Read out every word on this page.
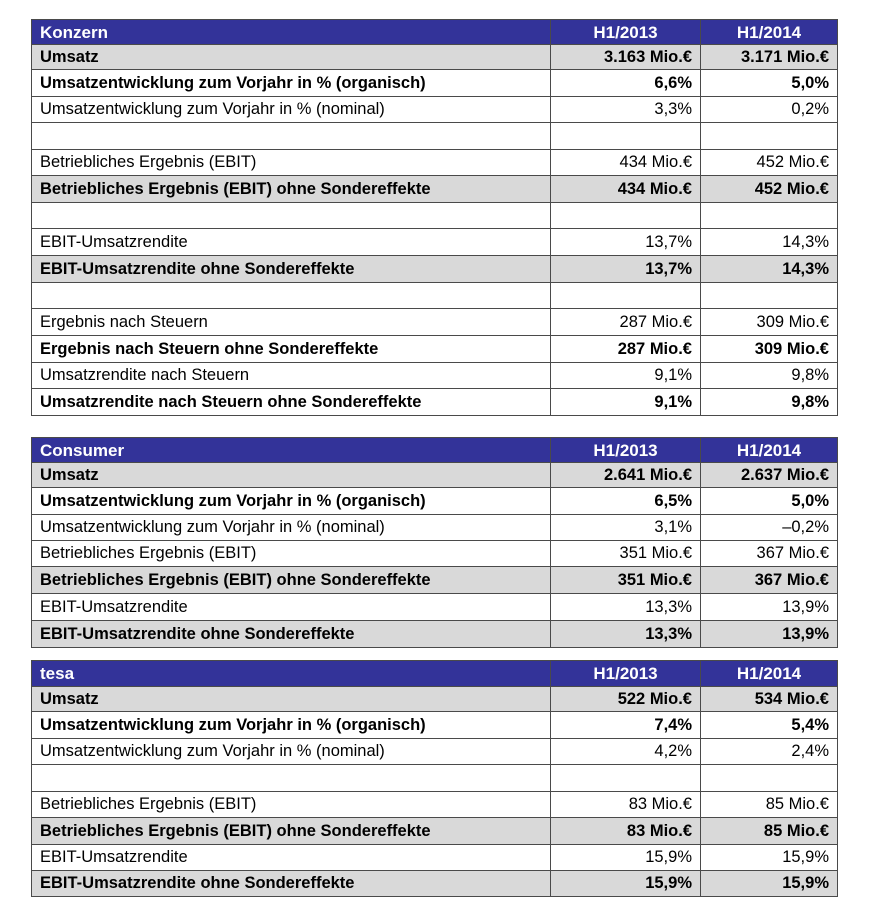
Konzern	H1/2013	H1/2014
Umsatz	3.163 Mio.€	3.171 Mio.€
Umsatzentwicklung zum Vorjahr in % (organisch)	6,6%	5,0%
Umsatzentwicklung zum Vorjahr in % (nominal)	3,3%	0,2%

Betriebliches Ergebnis (EBIT)	434 Mio.€	452 Mio.€
Betriebliches Ergebnis (EBIT) ohne Sondereffekte	434 Mio.€	452 Mio.€

EBIT-Umsatzrendite	13,7%	14,3%
EBIT-Umsatzrendite ohne Sondereffekte	13,7%	14,3%

Ergebnis nach Steuern	287 Mio.€	309 Mio.€
Ergebnis nach Steuern ohne Sondereffekte	287 Mio.€	309 Mio.€
Umsatzrendite nach Steuern	9,1%	9,8%
Umsatzrendite nach Steuern ohne Sondereffekte	9,1%	9,8%
Consumer	H1/2013	H1/2014
Umsatz	2.641 Mio.€	2.637 Mio.€
Umsatzentwicklung zum Vorjahr in % (organisch)	6,5%	5,0%
Umsatzentwicklung zum Vorjahr in % (nominal)	3,1%	–0,2%
Betriebliches Ergebnis (EBIT)	351 Mio.€	367 Mio.€
Betriebliches Ergebnis (EBIT) ohne Sondereffekte	351 Mio.€	367 Mio.€
EBIT-Umsatzrendite	13,3%	13,9%
EBIT-Umsatzrendite ohne Sondereffekte	13,3%	13,9%
tesa	H1/2013	H1/2014
Umsatz	522 Mio.€	534 Mio.€
Umsatzentwicklung zum Vorjahr in % (organisch)	7,4%	5,4%
Umsatzentwicklung zum Vorjahr in % (nominal)	4,2%	2,4%

Betriebliches Ergebnis (EBIT)	83 Mio.€	85 Mio.€
Betriebliches Ergebnis (EBIT) ohne Sondereffekte	83 Mio.€	85 Mio.€
EBIT-Umsatzrendite	15,9%	15,9%
EBIT-Umsatzrendite ohne Sondereffekte	15,9%	15,9%
